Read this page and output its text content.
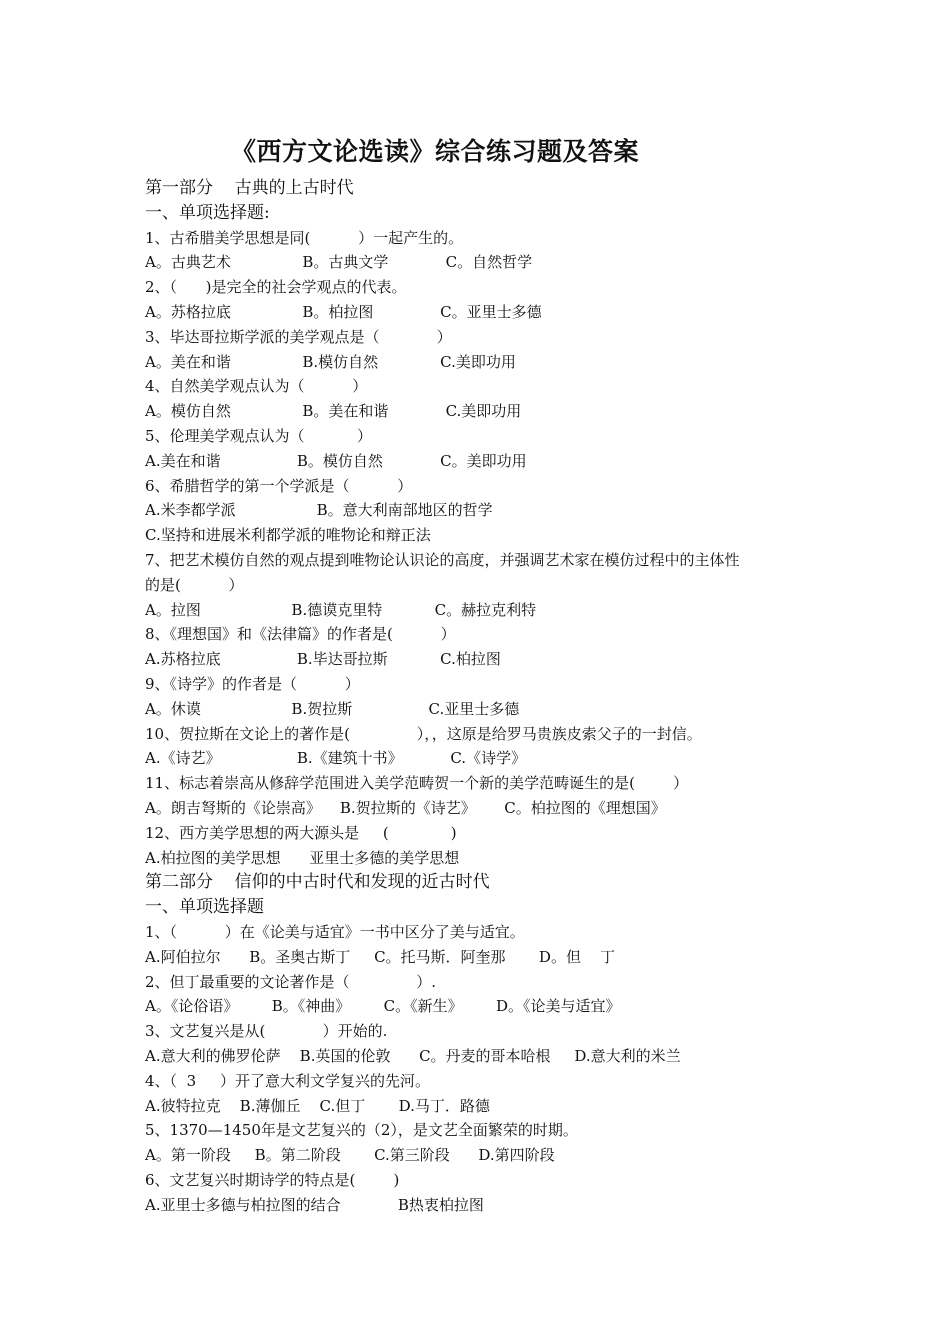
《西方文论选读》综合练习题及答案
第一部分    古典的上古时代
一、单项选择题:
1、古希腊美学思想是同(          ）一起产生的。
A。古典艺术               B。古典文学            C。自然哲学
2、（      )是完全的社会学观点的代表。
A。苏格拉底               B。柏拉图              C。亚里士多德
3、毕达哥拉斯学派的美学观点是（            ）
A。美在和谐               B.模仿自然             C.美即功用
4、自然美学观点认为（          ）
A。模仿自然               B。美在和谐            C.美即功用
5、伦理美学观点认为（           ）
A.美在和谐                B。模仿自然            C。美即功用
6、希腊哲学的第一个学派是（          ）
A.米李都学派                 B。意大利南部地区的哲学
C.坚持和进展米利都学派的唯物论和辩正法
7、把艺术模仿自然的观点提到唯物论认识论的高度，并强调艺术家在模仿过程中的主体性
的是(          ）
A。拉图                   B.德谟克里特           C。赫拉克利特
8、《理想国》和《法律篇》的作者是(          ）
A.苏格拉底                B.毕达哥拉斯           C.柏拉图
9、《诗学》的作者是（          ）
A。休谟                   B.贺拉斯                C.亚里士多德
10、贺拉斯在文论上的著作是(              ），，这原是给罗马贵族皮索父子的一封信。
A.《诗艺》                B.《建筑十书》          C.《诗学》
11、标志着崇高从修辞学范围进入美学范畴贺一个新的美学范畴诞生的是(        ）
A。朗吉弩斯的《论崇高》    B.贺拉斯的《诗艺》      C。柏拉图的《理想国》
12、西方美学思想的两大源头是     (             )
A.柏拉图的美学思想      亚里士多德的美学思想
第二部分    信仰的中古时代和发现的近古时代
一、单项选择题
1、（          ）在《论美与适宜》一书中区分了美与适宜。
A.阿伯拉尔      B。圣奥古斯丁     C。托马斯．阿奎那       D。但    丁
2、但丁最重要的文论著作是（              ）.
A。《论俗语》       B。《神曲》       C。《新生》       D。《论美与适宜》
3、文艺复兴是从(            ）开始的.
A.意大利的佛罗伦萨    B.英国的伦敦      C。丹麦的哥本哈根     D.意大利的米兰
4、（  3     ）开了意大利文学复兴的先河。
A.彼特拉克    B.薄伽丘    C.但丁       D.马丁．路德
5、1370—1450年是文艺复兴的（2），是文艺全面繁荣的时期。
A。第一阶段     B。第二阶段       C.第三阶段      D.第四阶段
6、文艺复兴时期诗学的特点是(        )
A.亚里士多德与柏拉图的结合            B热衷柏拉图
